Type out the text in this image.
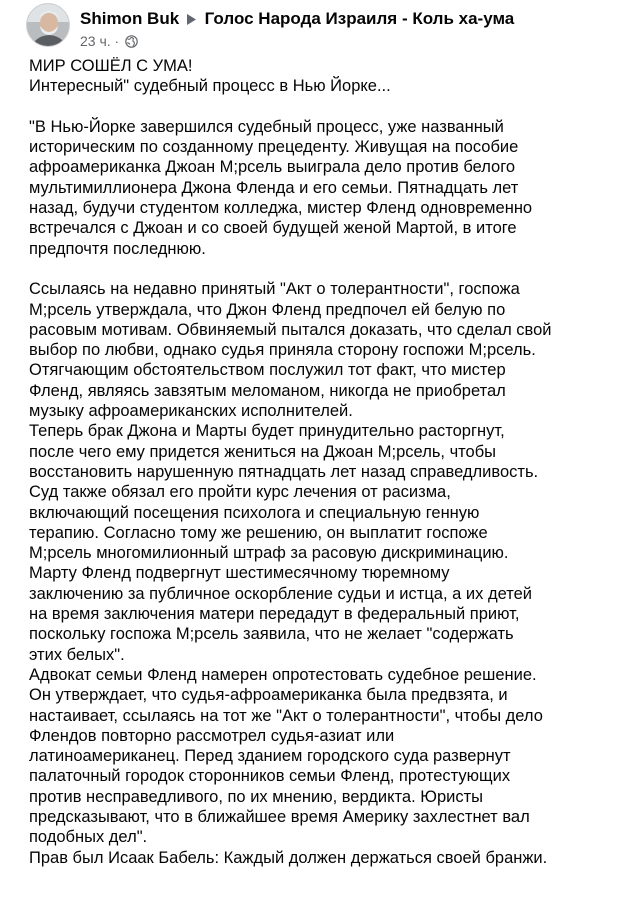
Shimon Buk Голос Народа Израиля - Коль ха-ума
23 ч. ·

МИР СОШЁЛ С УМА!

Интересный" судебный процесс в Нью Йорке...

"В Нью-Йорке завершился судебный процесс, уже названный

историческим по созданному прецеденту. Живущая на пособие

афроамериканка Джоан М;рсель выиграла дело против белого

мультимиллионера Джона Фленда и его семьи. Пятнадцать лет

назад, будучи студентом колледжа, мистер Фленд одновременно

встречался с Джоан и со своей будущей женой Мартой, в итоге

предпочтя последнюю.

Ссылаясь на недавно принятый "Акт о толерантности", госпожа

М;рсель утверждала, что Джон Фленд предпочел ей белую по

расовым мотивам. Обвиняемый пытался доказать, что сделал свой

выбор по любви, однако судья приняла сторону госпожи М;рсель.

Отягчающим обстоятельством послужил тот факт, что мистер

Фленд, являясь завзятым меломаном, никогда не приобретал

музыку афроамериканских исполнителей.

Теперь брак Джона и Марты будет принудительно расторгнут,

после чего ему придется жениться на Джоан М;рсель, чтобы

восстановить нарушенную пятнадцать лет назад справедливость.

Суд также обязал его пройти курс лечения от расизма,

включающий посещения психолога и специальную генную

терапию. Согласно тому же решению, он выплатит госпоже

М;рсель многомилионный штраф за расовую дискриминацию.

Марту Фленд подвергнут шестимесячному тюремному

заключению за публичное оскорбление судьи и истца, а их детей

на время заключения матери передадут в федеральный приют,

поскольку госпожа М;рсель заявила, что не желает "содержать

этих белых".

Адвокат семьи Фленд намерен опротестовать судебное решение.

Он утверждает, что судья-афроамериканка была предвзята, и

настаивает, ссылаясь на тот же "Акт о толерантности", чтобы дело

Флендов повторно рассмотрел судья-азиат или

латиноамериканец. Перед зданием городского суда развернут

палаточный городок сторонников семьи Фленд, протестующих

против несправедливого, по их мнению, вердикта. Юристы

предсказывают, что в ближайшее время Америку захлестнет вал

подобных дел".

Прав был Исаак Бабель: Каждый должен держаться своей бранжи.
